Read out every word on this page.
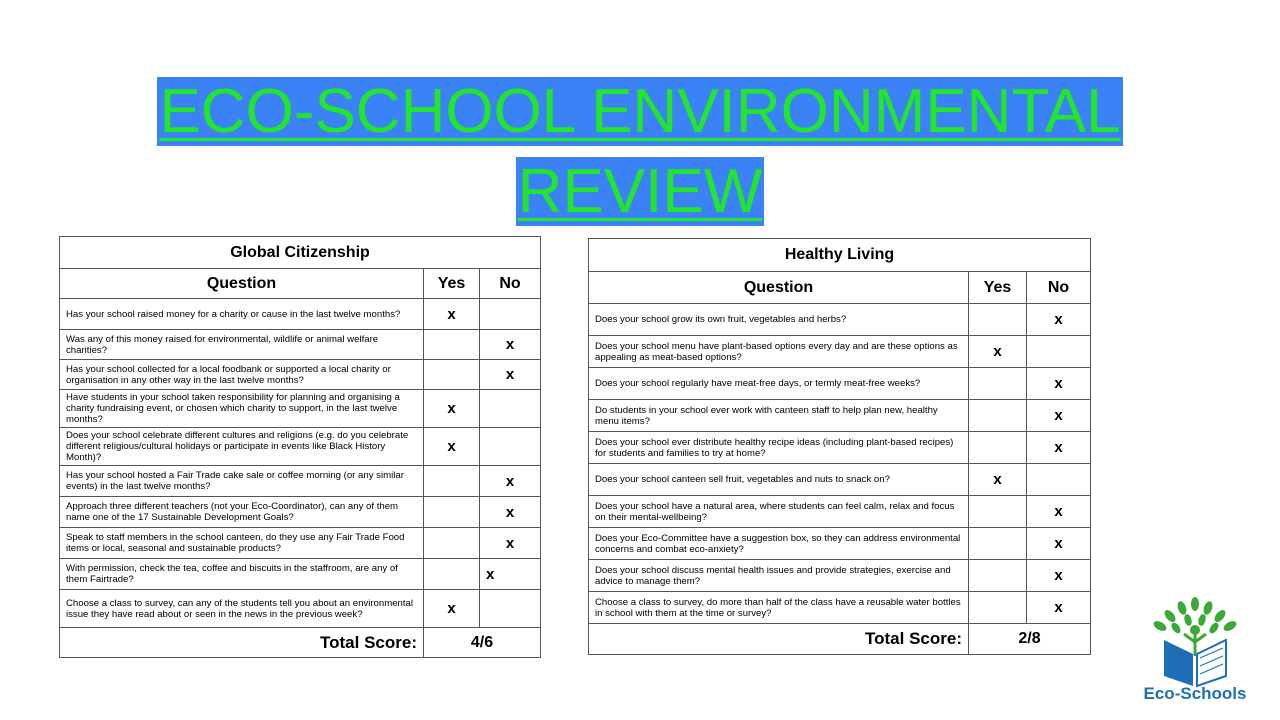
ECO-SCHOOL ENVIRONMENTAL
REVIEW
Global Citizenship		
Question	Yes	No
Has your school raised money for a charity or cause in the last twelve months?	x	
Was any of this money raised for environmental, wildlife or animal welfare charities?		x
Has your school collected for a local foodbank or supported a local charity or organisation in any other way in the last twelve months?		x
Have students in your school taken responsibility for planning and organising a charity fundraising event, or chosen which charity to support, in the last twelve months?	x	
Does your school celebrate different cultures and religions (e.g. do you celebrate different religious/cultural holidays or participate in events like Black History Month)?	x	
Has your school hosted a Fair Trade cake sale or coffee morning (or any similar events) in the last twelve months?		x
Approach three different teachers (not your Eco-Coordinator), can any of them name one of the 17 Sustainable Development Goals?		x
Speak to staff members in the school canteen, do they use any Fair Trade Food items or local, seasonal and sustainable products?		x
With permission, check the tea, coffee and biscuits in the staffroom, are any of them Fairtrade?		x
Choose a class to survey, can any of the students tell you about an environmental issue they have read about or seen in the news in the previous week?	x	
Total Score:	4/6	
Healthy Living		
Question	Yes	No
Does your school grow its own fruit, vegetables and herbs?		x
Does your school menu have plant-based options every day and are these options as appealing as meat-based options?	x	
Does your school regularly have meat-free days, or termly meat-free weeks?		x
Do students in your school ever work with canteen staff to help plan new, healthy menu items?		x
Does your school ever distribute healthy recipe ideas (including plant-based recipes) for students and families to try at home?		x
Does your school canteen sell fruit, vegetables and nuts to snack on?	x	
Does your school have a natural area, where students can feel calm, relax and focus on their mental-wellbeing?		x
Does your Eco-Committee have a suggestion box, so they can address environmental concerns and combat eco-anxiety?		x
Does your school discuss mental health issues and provide strategies, exercise and advice to manage them?		x
Choose a class to survey, do more than half of the class have a reusable water bottles in school with them at the time or survey?		x
Total Score:	2/8	
Eco-Schools
